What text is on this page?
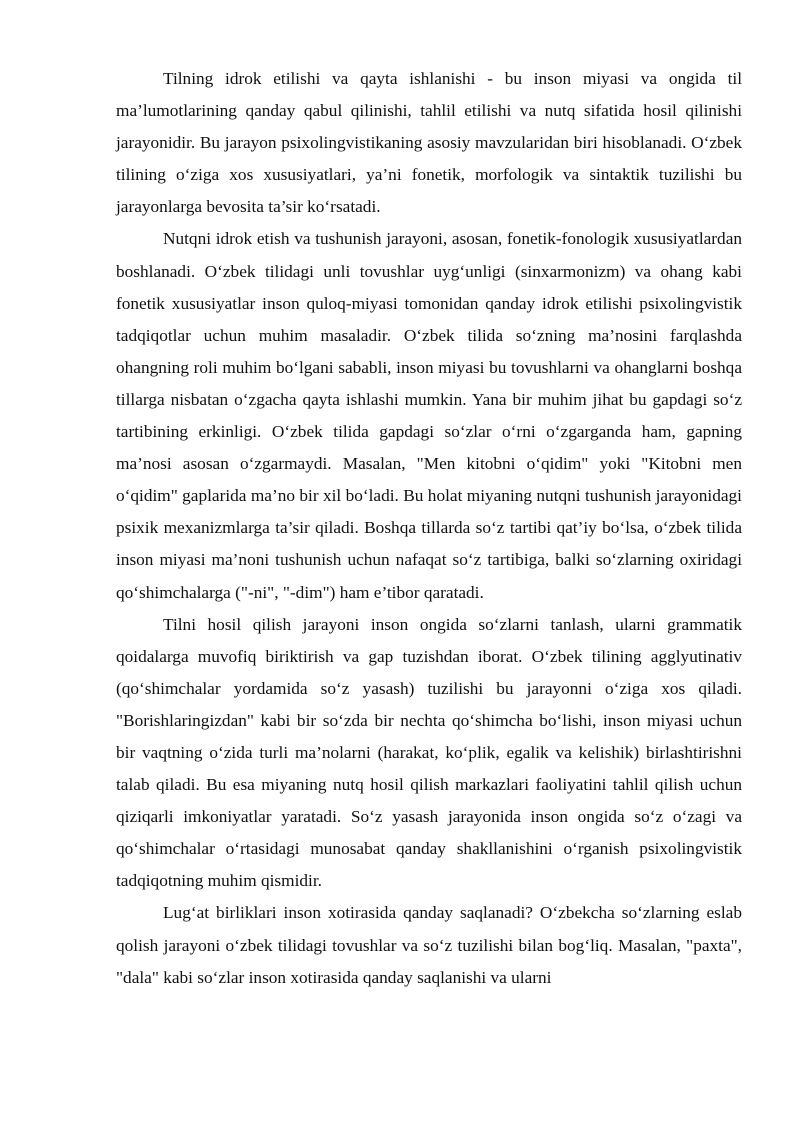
Tilning idrok etilishi va qayta ishlanishi - bu inson miyasi va ongida til ma’lumotlarining qanday qabul qilinishi, tahlil etilishi va nutq sifatida hosil qilinishi jarayonidir. Bu jarayon psixolingvistikaning asosiy mavzularidan biri hisoblanadi. O‘zbek tilining o‘ziga xos xususiyatlari, ya’ni fonetik, morfologik va sintaktik tuzilishi bu jarayonlarga bevosita ta’sir ko‘rsatadi.

Nutqni idrok etish va tushunish jarayoni, asosan, fonetik-fonologik xususiyatlardan boshlanadi. O‘zbek tilidagi unli tovushlar uyg‘unligi (sinxarmonizm) va ohang kabi fonetik xususiyatlar inson quloq-miyasi tomonidan qanday idrok etilishi psixolingvistik tadqiqotlar uchun muhim masaladir. O‘zbek tilida so‘zning ma’nosini farqlashda ohangning roli muhim bo‘lgani sababli, inson miyasi bu tovushlarni va ohanglarni boshqa tillarga nisbatan o‘zgacha qayta ishlashi mumkin. Yana bir muhim jihat bu gapdagi so‘z tartibining erkinligi. O‘zbek tilida gapdagi so‘zlar o‘rni o‘zgarganda ham, gapning ma’nosi asosan o‘zgarmaydi. Masalan, "Men kitobni o‘qidim" yoki "Kitobni men o‘qidim" gaplarida ma’no bir xil bo‘ladi. Bu holat miyaning nutqni tushunish jarayonidagi psixik mexanizmlarga ta’sir qiladi. Boshqa tillarda so‘z tartibi qat’iy bo‘lsa, o‘zbek tilida inson miyasi ma’noni tushunish uchun nafaqat so‘z tartibiga, balki so‘zlarning oxiridagi qo‘shimchalarga ("-ni", "-dim") ham e’tibor qaratadi.

Tilni hosil qilish jarayoni inson ongida so‘zlarni tanlash, ularni grammatik qoidalarga muvofiq biriktirish va gap tuzishdan iborat. O‘zbek tilining agglyutinativ (qo‘shimchalar yordamida so‘z yasash) tuzilishi bu jarayonni o‘ziga xos qiladi. "Borishlaringizdan" kabi bir so‘zda bir nechta qo‘shimcha bo‘lishi, inson miyasi uchun bir vaqtning o‘zida turli ma’nolarni (harakat, ko‘plik, egalik va kelishik) birlashtirishni talab qiladi. Bu esa miyaning nutq hosil qilish markazlari faoliyatini tahlil qilish uchun qiziqarli imkoniyatlar yaratadi. So‘z yasash jarayonida inson ongida so‘z o‘zagi va qo‘shimchalar o‘rtasidagi munosabat qanday shakllanishini o‘rganish psixolingvistik tadqiqotning muhim qismidir.

Lug‘at birliklari inson xotirasida qanday saqlanadi? O‘zbekcha so‘zlarning eslab qolish jarayoni o‘zbek tilidagi tovushlar va so‘z tuzilishi bilan bog‘liq. Masalan, "paxta", "dala" kabi so‘zlar inson xotirasida qanday saqlanishi va ularni
